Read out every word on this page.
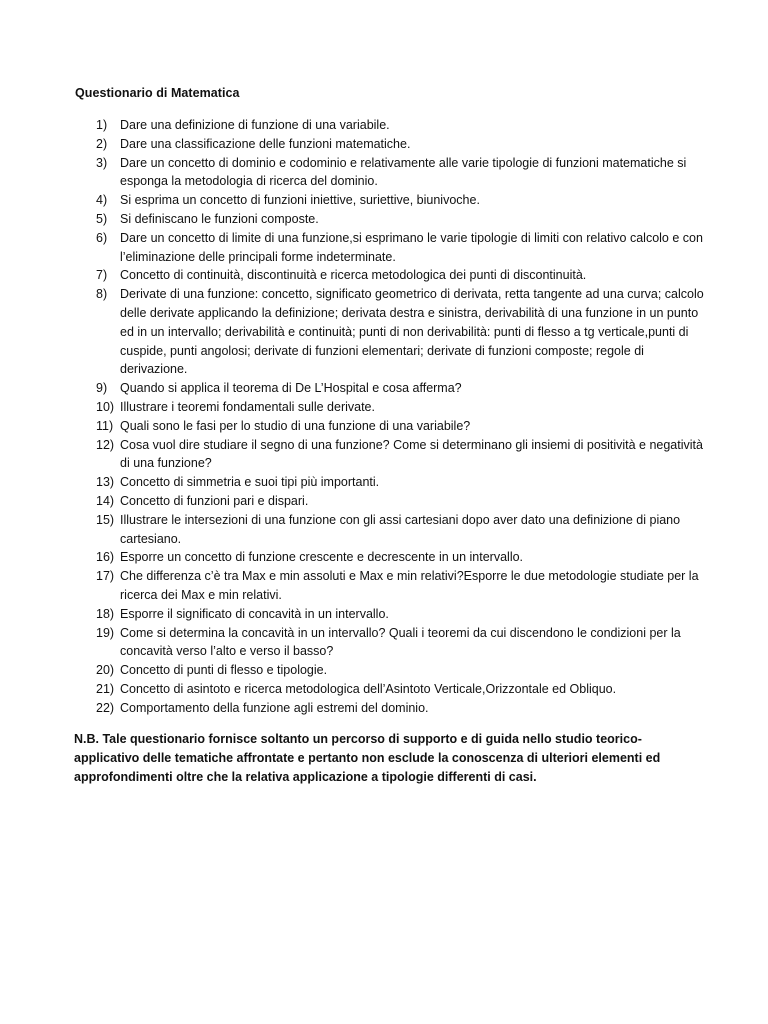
Questionario di Matematica
1)	Dare una definizione di funzione di una variabile.
2)	Dare una classificazione delle funzioni matematiche.
3)	Dare un concetto di dominio e codominio e relativamente alle varie tipologie di funzioni matematiche si esponga la metodologia di ricerca del dominio.
4)	Si esprima un concetto di funzioni iniettive, suriettive, biunivoche.
5)	Si definiscano le funzioni composte.
6)	Dare un concetto di limite di una funzione,si esprimano le varie tipologie di limiti con relativo calcolo e con l’eliminazione delle principali forme indeterminate.
7)	Concetto di continuità, discontinuità e ricerca metodologica dei punti di discontinuità.
8)	Derivate di una funzione: concetto, significato geometrico di derivata, retta tangente ad una curva; calcolo delle derivate applicando la definizione; derivata destra e sinistra, derivabilità di una funzione in un punto ed in un intervallo; derivabilità e continuità; punti di non derivabilità: punti di flesso a tg verticale,punti di cuspide, punti angolosi; derivate di funzioni elementari; derivate di funzioni composte; regole di derivazione.
9)	Quando si applica il teorema di De L’Hospital e cosa afferma?
10) Illustrare i teoremi fondamentali sulle derivate.
11) Quali sono le fasi per lo studio di una funzione di una variabile?
12) Cosa vuol dire studiare il segno di una funzione? Come si determinano gli insiemi di positività e negatività di una funzione?
13) Concetto di simmetria e suoi tipi più importanti.
14) Concetto di funzioni pari e dispari.
15) Illustrare le intersezioni di una funzione con gli assi cartesiani dopo aver dato una definizione di piano cartesiano.
16) Esporre un concetto di funzione crescente e decrescente in un intervallo.
17) Che differenza c’è tra Max e min assoluti e Max e min relativi?Esporre le due metodologie studiate per la ricerca dei Max e min relativi.
18) Esporre il significato di concavità in un intervallo.
19) Come si determina la concavità in un intervallo? Quali i teoremi da cui discendono le condizioni per la concavità verso l’alto e verso il basso?
20) Concetto di punti di flesso e tipologie.
21) Concetto di asintoto e ricerca metodologica dell’Asintoto Verticale,Orizzontale ed Obliquo.
22) Comportamento della funzione agli estremi del dominio.
N.B. Tale questionario fornisce soltanto un percorso di supporto e di guida nello studio teorico-applicativo delle tematiche affrontate e pertanto non esclude la conoscenza di ulteriori elementi ed approfondimenti oltre che la relativa applicazione a tipologie differenti di casi.
